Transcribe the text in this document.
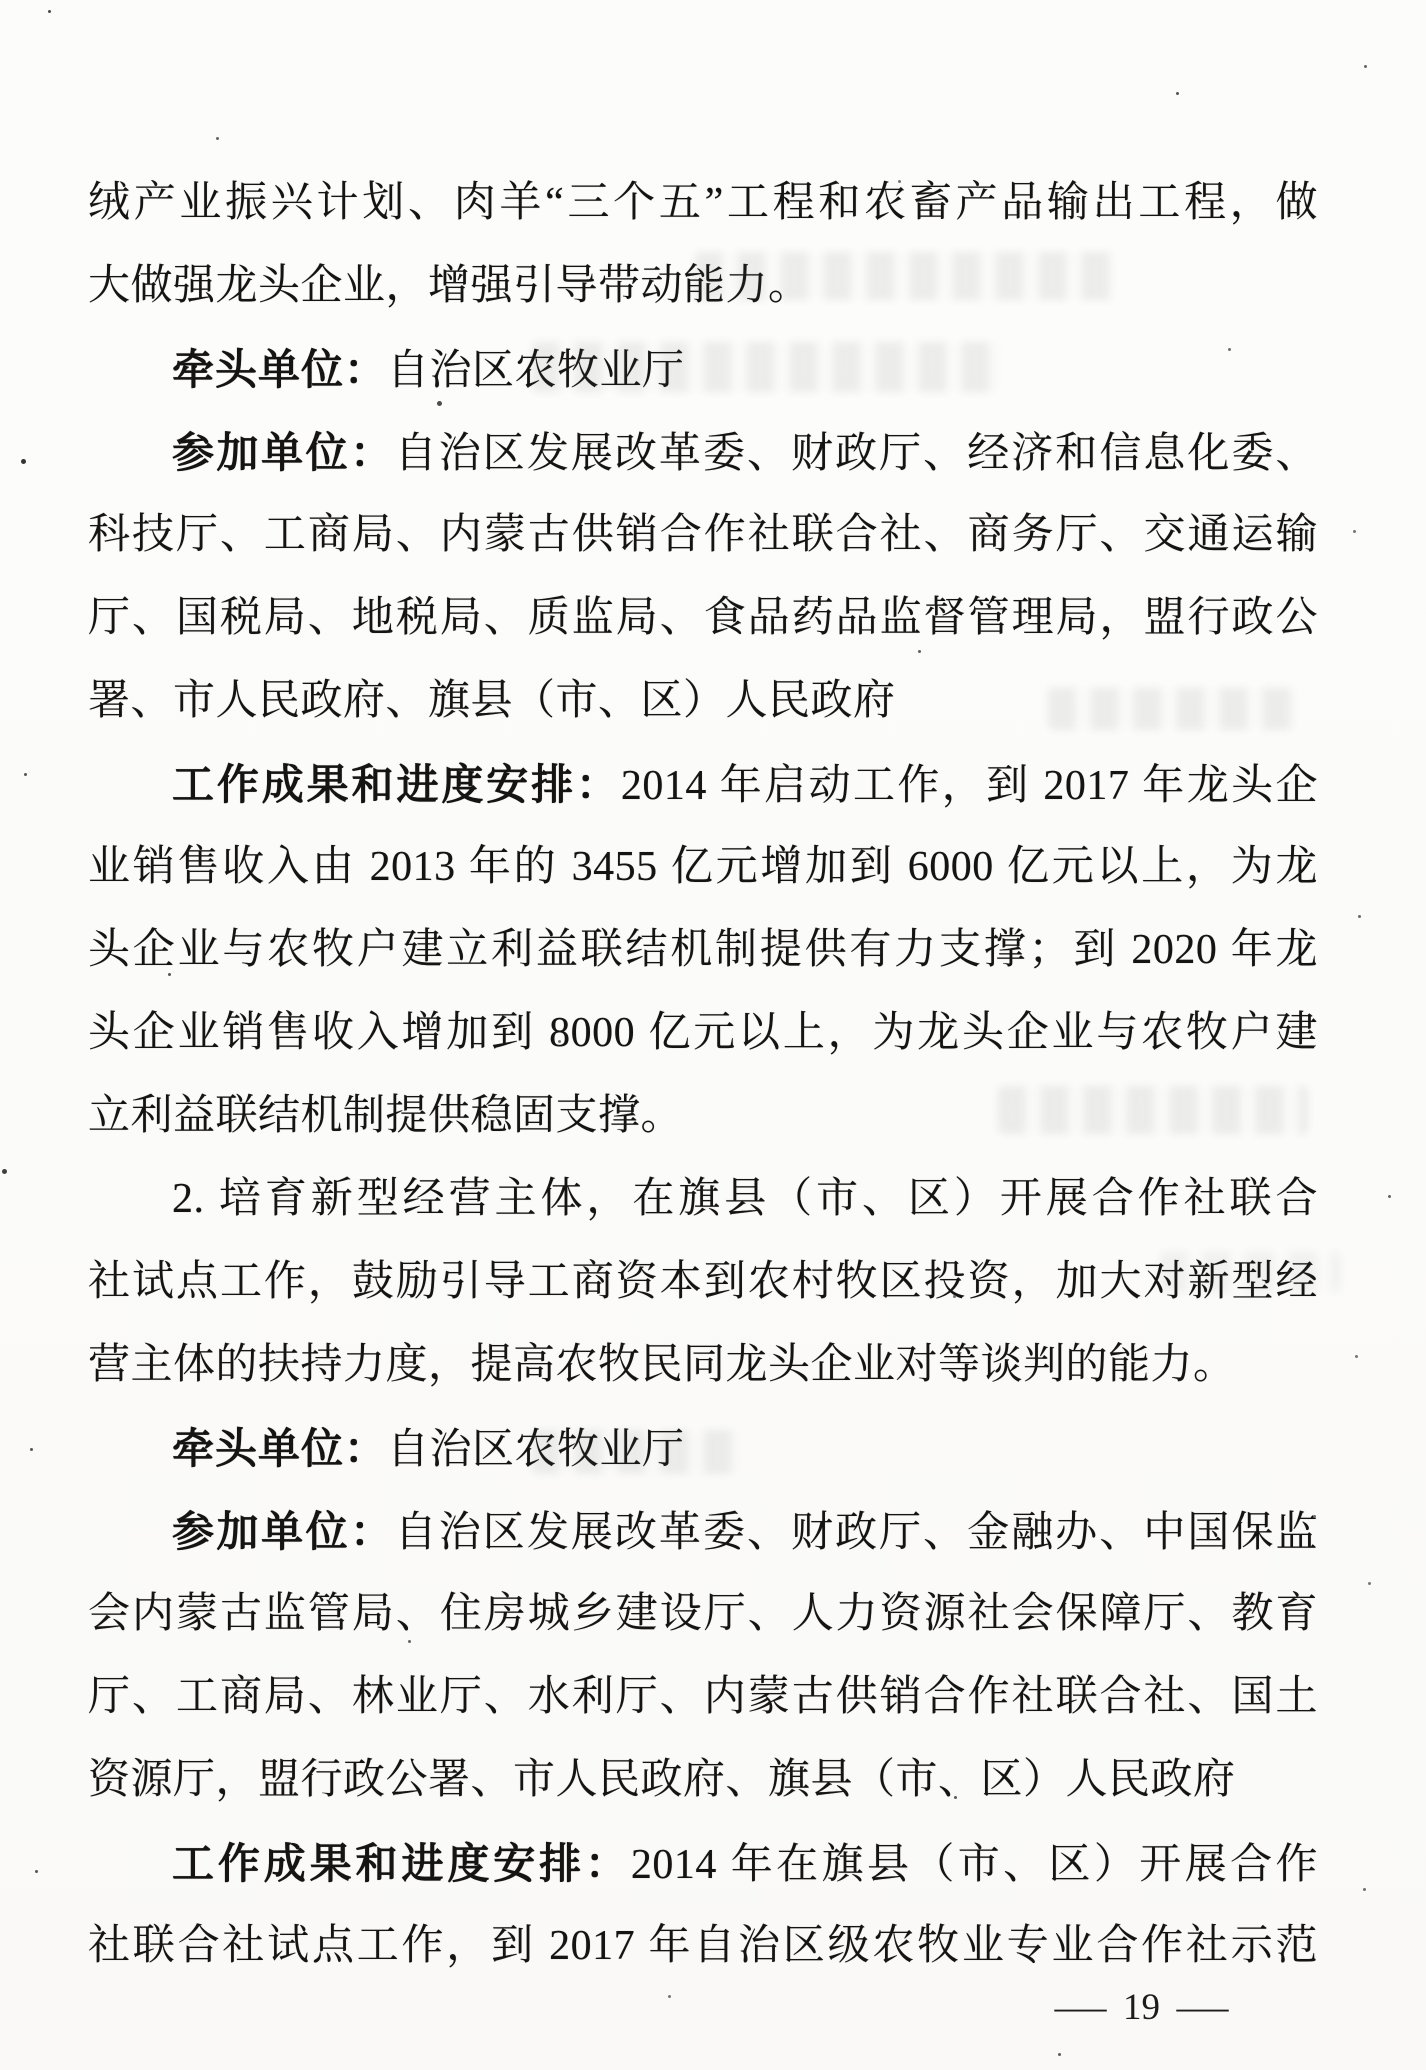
绒产业振兴计划、肉羊“三个五”工程和农畜产品输出工程，做
大做强龙头企业，增强引导带动能力。
牵头单位：自治区农牧业厅
参加单位：自治区发展改革委、财政厅、经济和信息化委、
科技厅、工商局、内蒙古供销合作社联合社、商务厅、交通运输
厅、国税局、地税局、质监局、食品药品监督管理局，盟行政公
署、市人民政府、旗县（市、区）人民政府
工作成果和进度安排：2014 年启动工作，到 2017 年龙头企
业销售收入由 2013 年的 3455 亿元增加到 6000 亿元以上，为龙
头企业与农牧户建立利益联结机制提供有力支撑；到 2020 年龙
头企业销售收入增加到 8000 亿元以上，为龙头企业与农牧户建
立利益联结机制提供稳固支撑。
2. 培育新型经营主体，在旗县（市、区）开展合作社联合
社试点工作，鼓励引导工商资本到农村牧区投资，加大对新型经
营主体的扶持力度，提高农牧民同龙头企业对等谈判的能力。
牵头单位：自治区农牧业厅
参加单位：自治区发展改革委、财政厅、金融办、中国保监
会内蒙古监管局、住房城乡建设厅、人力资源社会保障厅、教育
厅、工商局、林业厅、水利厅、内蒙古供销合作社联合社、国土
资源厅，盟行政公署、市人民政府、旗县（市、区）人民政府
工作成果和进度安排：2014 年在旗县（市、区）开展合作
社联合社试点工作，到 2017 年自治区级农牧业专业合作社示范
— 19 —
